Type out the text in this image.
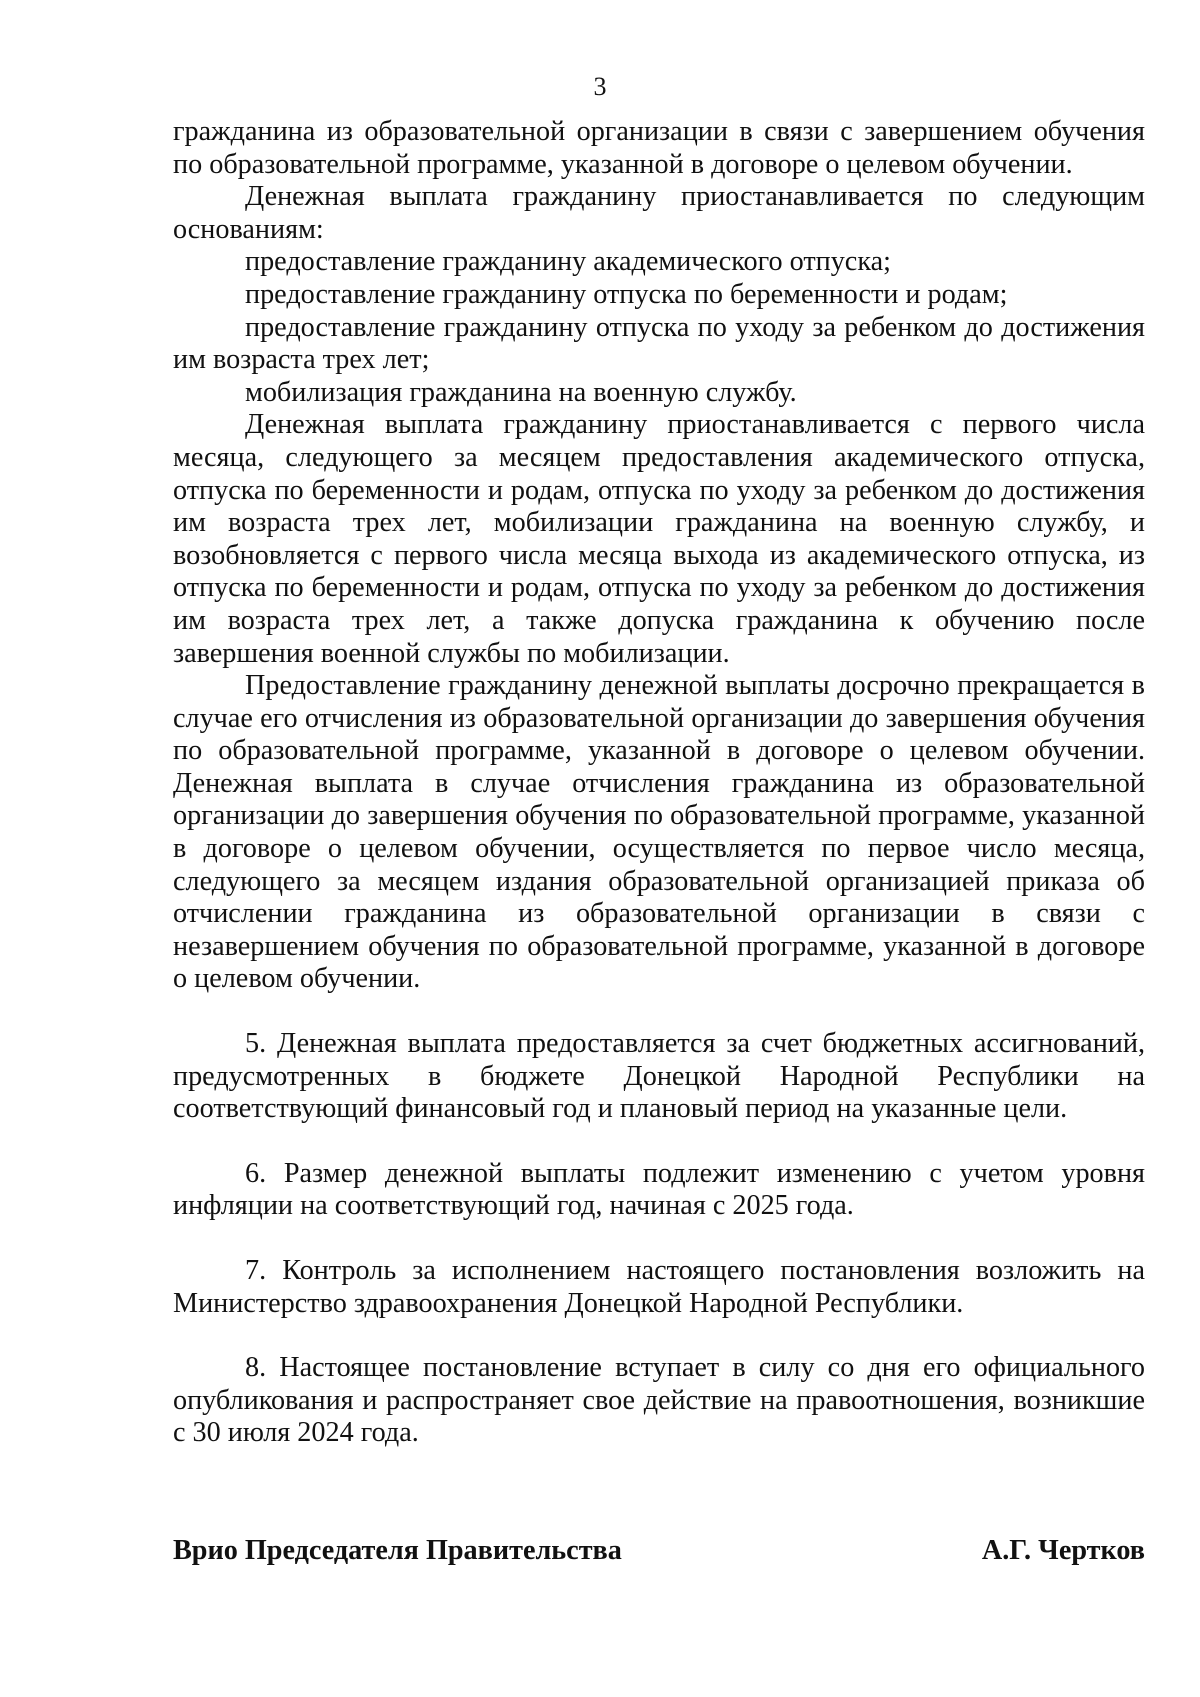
3

гражданина из образовательной организации в связи с завершением обучения по образовательной программе, указанной в договоре о целевом обучении.

Денежная выплата гражданину приостанавливается по следующим основаниям:

предоставление гражданину академического отпуска;

предоставление гражданину отпуска по беременности и родам;

предоставление гражданину отпуска по уходу за ребенком до достижения им возраста трех лет;

мобилизация гражданина на военную службу.

Денежная выплата гражданину приостанавливается с первого числа месяца, следующего за месяцем предоставления академического отпуска, отпуска по беременности и родам, отпуска по уходу за ребенком до достижения им возраста трех лет, мобилизации гражданина на военную службу, и возобновляется с первого числа месяца выхода из академического отпуска, из отпуска по беременности и родам, отпуска по уходу за ребенком до достижения им возраста трех лет, а также допуска гражданина к обучению после завершения военной службы по мобилизации.

Предоставление гражданину денежной выплаты досрочно прекращается в случае его отчисления из образовательной организации до завершения обучения по образовательной программе, указанной в договоре о целевом обучении. Денежная выплата в случае отчисления гражданина из образовательной организации до завершения обучения по образовательной программе, указанной в договоре о целевом обучении, осуществляется по первое число месяца, следующего за месяцем издания образовательной организацией приказа об отчислении гражданина из образовательной организации в связи с незавершением обучения по образовательной программе, указанной в договоре о целевом обучении.

5. Денежная выплата предоставляется за счет бюджетных ассигнований, предусмотренных в бюджете Донецкой Народной Республики на соответствующий финансовый год и плановый период на указанные цели.

6. Размер денежной выплаты подлежит изменению с учетом уровня инфляции на соответствующий год, начиная с 2025 года.

7. Контроль за исполнением настоящего постановления возложить на Министерство здравоохранения Донецкой Народной Республики.

8. Настоящее постановление вступает в силу со дня его официального опубликования и распространяет свое действие на правоотношения, возникшие с 30 июля 2024 года.

Врио Председателя Правительства	А.Г. Чертков
